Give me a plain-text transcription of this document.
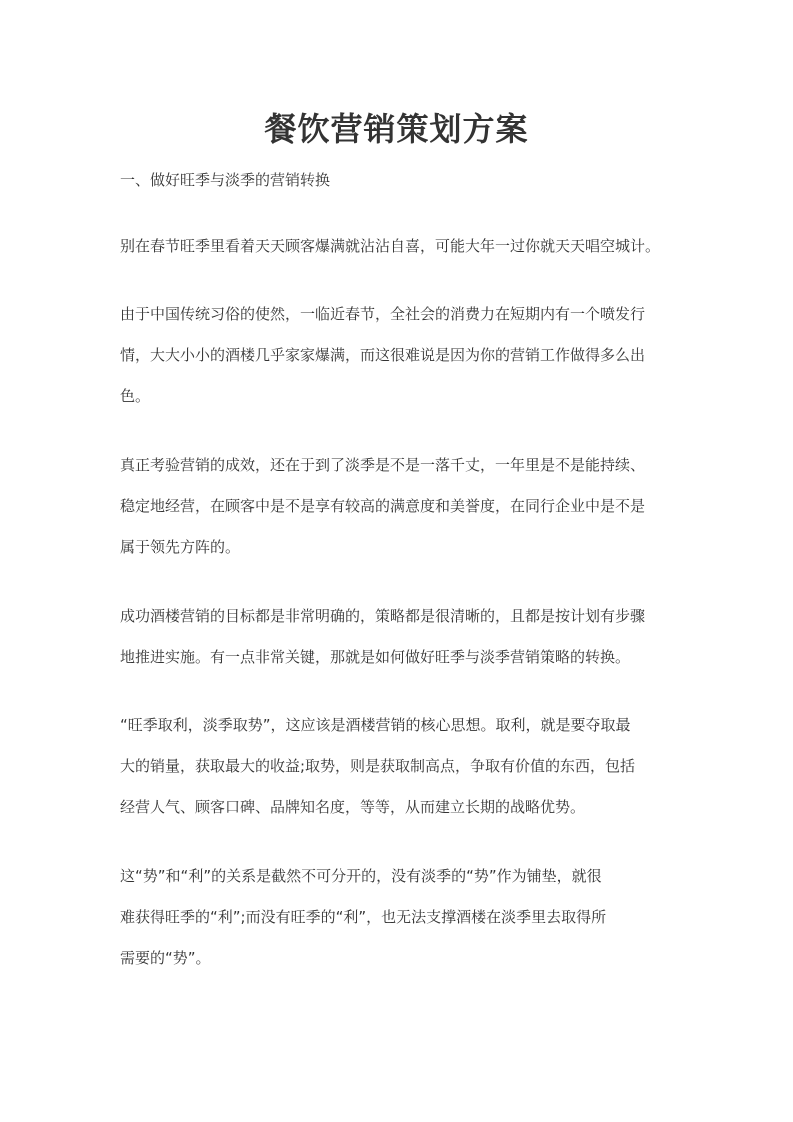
餐饮营销策划方案
一、做好旺季与淡季的营销转换
别在春节旺季里看着天天顾客爆满就沾沾自喜，可能大年一过你就天天唱空城计。
由于中国传统习俗的使然，一临近春节，全社会的消费力在短期内有一个喷发行
情，大大小小的酒楼几乎家家爆满，而这很难说是因为你的营销工作做得多么出
色。
真正考验营销的成效，还在于到了淡季是不是一落千丈，一年里是不是能持续、
稳定地经营，在顾客中是不是享有较高的满意度和美誉度，在同行企业中是不是
属于领先方阵的。
成功酒楼营销的目标都是非常明确的，策略都是很清晰的，且都是按计划有步骤
地推进实施。有一点非常关键，那就是如何做好旺季与淡季营销策略的转换。
“旺季取利，淡季取势”，这应该是酒楼营销的核心思想。取利，就是要夺取最
大的销量，获取最大的收益;取势，则是获取制高点，争取有价值的东西，包括
经营人气、顾客口碑、品牌知名度，等等，从而建立长期的战略优势。
这“势”和“利”的关系是截然不可分开的，没有淡季的“势”作为铺垫，就很
难获得旺季的“利”;而没有旺季的“利”，也无法支撑酒楼在淡季里去取得所
需要的“势”。
